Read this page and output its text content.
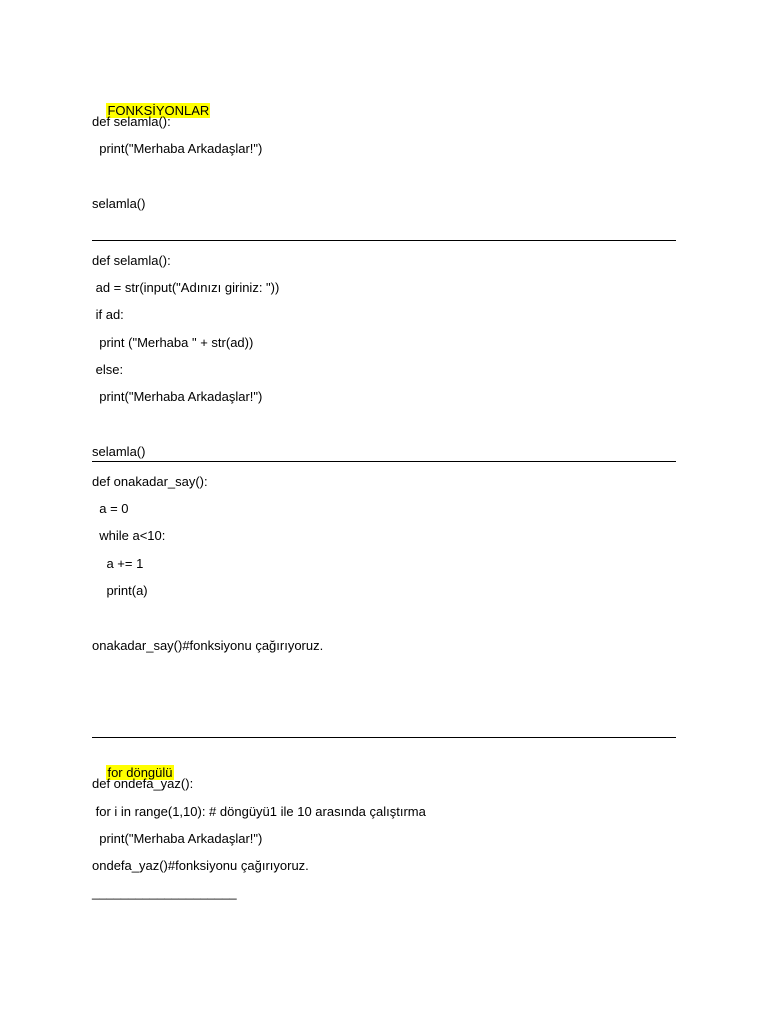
FONKSİYONLAR

def selamla():
print("Merhaba Arkadaşlar!")
selamla()
def selamla():
ad = str(input("Adınızı giriniz: "))
if ad:
print ("Merhaba " + str(ad))
else:
print("Merhaba Arkadaşlar!")
selamla()
def onakadar_say():
a = 0
while a<10:
a += 1
print(a)
onakadar_say()#fonksiyonu çağırıyoruz.

for döngülü

def ondefa_yaz():
for i in range(1,10): # döngüyü1 ile 10 arasında çalıştırma
print("Merhaba Arkadaşlar!")
ondefa_yaz()#fonksiyonu çağırıyoruz.
____________________
